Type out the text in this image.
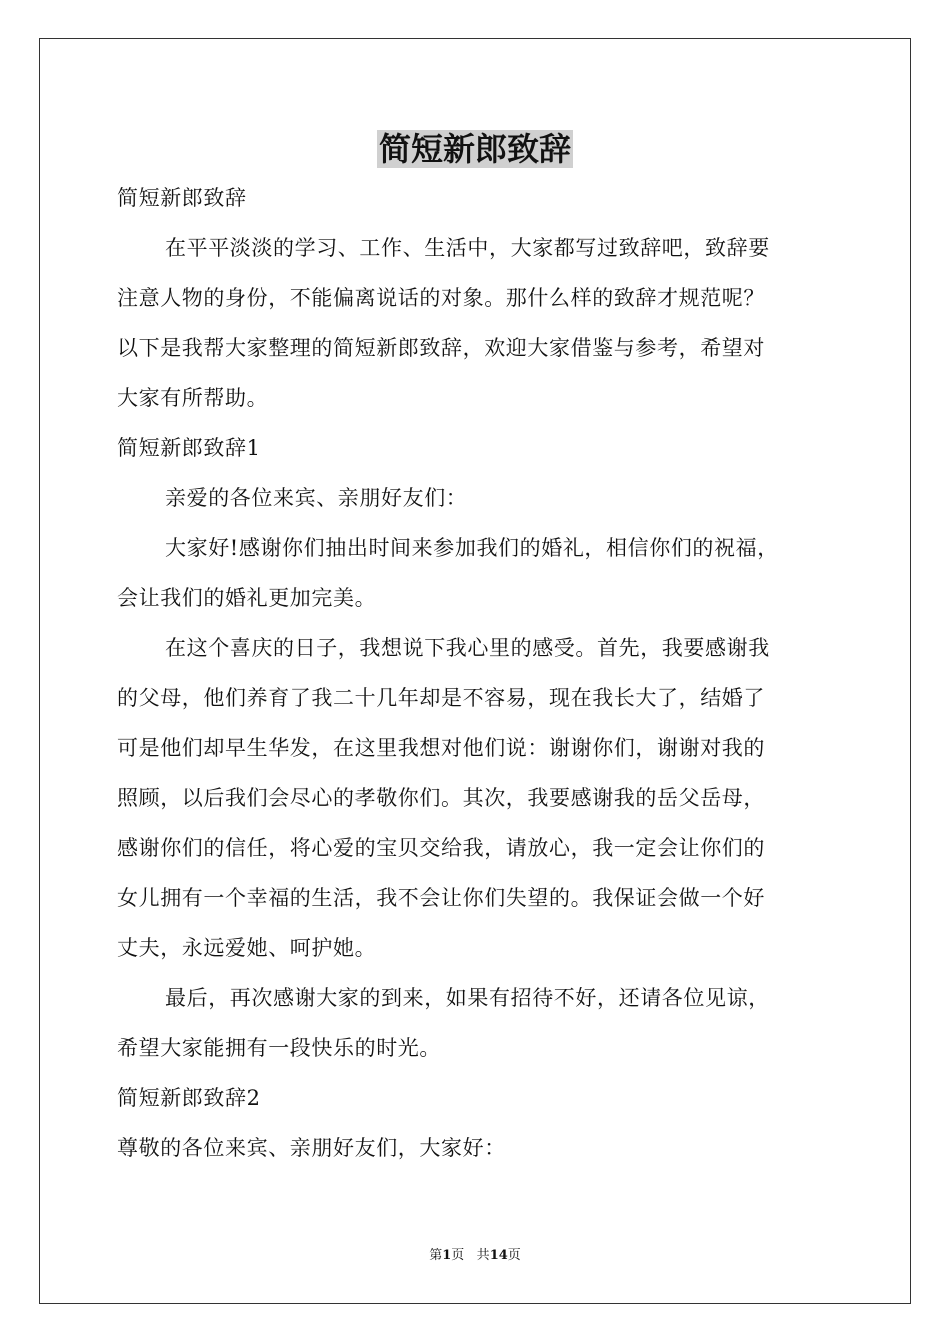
简短新郎致辞

简短新郎致辞

在平平淡淡的学习、工作、生活中，大家都写过致辞吧，致辞要

注意人物的身份，不能偏离说话的对象。那什么样的致辞才规范呢？

以下是我帮大家整理的简短新郎致辞，欢迎大家借鉴与参考，希望对

大家有所帮助。

简短新郎致辞1

亲爱的各位来宾、亲朋好友们：

大家好!感谢你们抽出时间来参加我们的婚礼，相信你们的祝福，

会让我们的婚礼更加完美。

在这个喜庆的日子，我想说下我心里的感受。首先，我要感谢我

的父母，他们养育了我二十几年却是不容易，现在我长大了，结婚了

可是他们却早生华发，在这里我想对他们说：谢谢你们，谢谢对我的

照顾，以后我们会尽心的孝敬你们。其次，我要感谢我的岳父岳母，

感谢你们的信任，将心爱的宝贝交给我，请放心，我一定会让你们的

女儿拥有一个幸福的生活，我不会让你们失望的。我保证会做一个好

丈夫，永远爱她、呵护她。

最后，再次感谢大家的到来，如果有招待不好，还请各位见谅，

希望大家能拥有一段快乐的时光。

简短新郎致辞2

尊敬的各位来宾、亲朋好友们，大家好：

第1页 共14页
